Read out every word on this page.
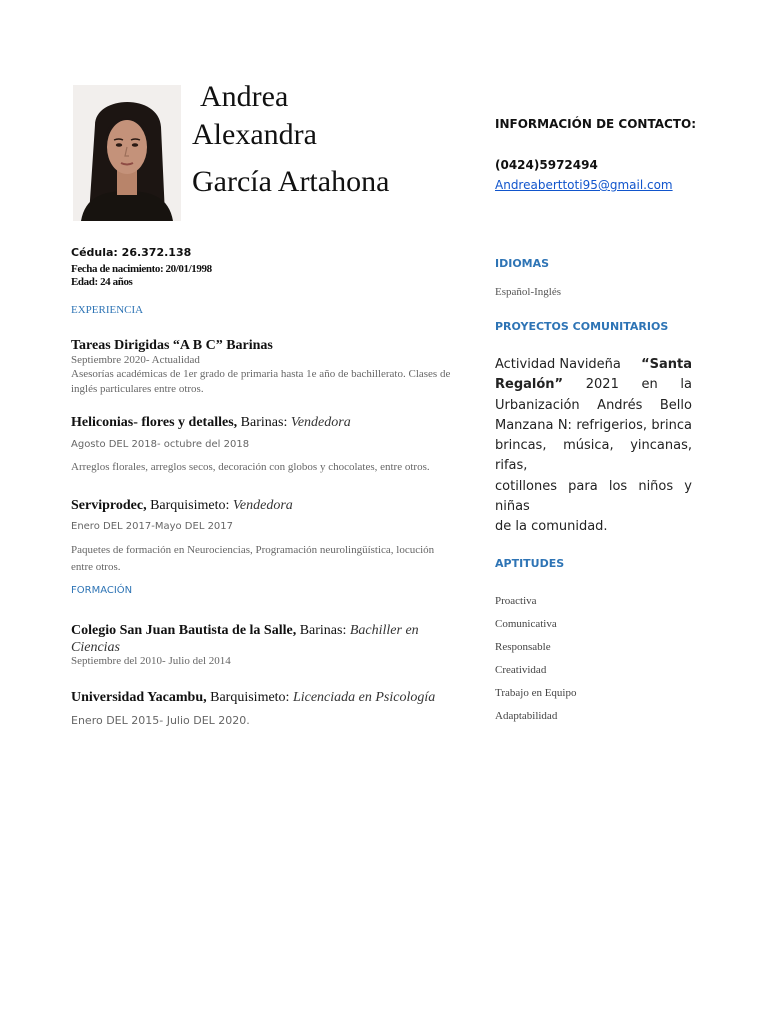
Andrea
Alexandra
García Artahona
Cédula: 26.372.138
Fecha de nacimiento: 20/01/1998
Edad: 24 años
EXPERIENCIA
Tareas Dirigidas “A B C” Barinas
Septiembre 2020- Actualidad
Asesorías académicas de 1er grado de primaria hasta 1e año de bachillerato. Clases de inglés particulares entre otros.
Heliconias- flores y detalles, Barinas: Vendedora
Agosto DEL 2018- octubre del 2018
Arreglos florales, arreglos secos, decoración con globos y chocolates, entre otros.
Serviprodec, Barquisimeto: Vendedora
Enero DEL 2017-Mayo DEL 2017
Paquetes de formación en Neurociencias, Programación neurolingüística, locución entre otros.
FORMACIÓN
Colegio San Juan Bautista de la Salle, Barinas: Bachiller en
Ciencias
Septiembre del 2010- Julio del 2014
Universidad Yacambu, Barquisimeto: Licenciada en Psicología
Enero DEL 2015- Julio DEL 2020.
INFORMACIÓN DE CONTACTO:
(0424)5972494
Andreaberttoti95@gmail.com
IDIOMAS
Español-Inglés
PROYECTOS COMUNITARIOS
Actividad Navideña “Santa
Regalón” 2021 en la
Urbanización Andrés Bello
Manzana N: refrigerios, brinca
brincas, música, yincanas, rifas,
cotillones para los niños y niñas
de la comunidad.
APTITUDES
Proactiva
Comunicativa
Responsable
Creatividad
Trabajo en Equipo
Adaptabilidad
